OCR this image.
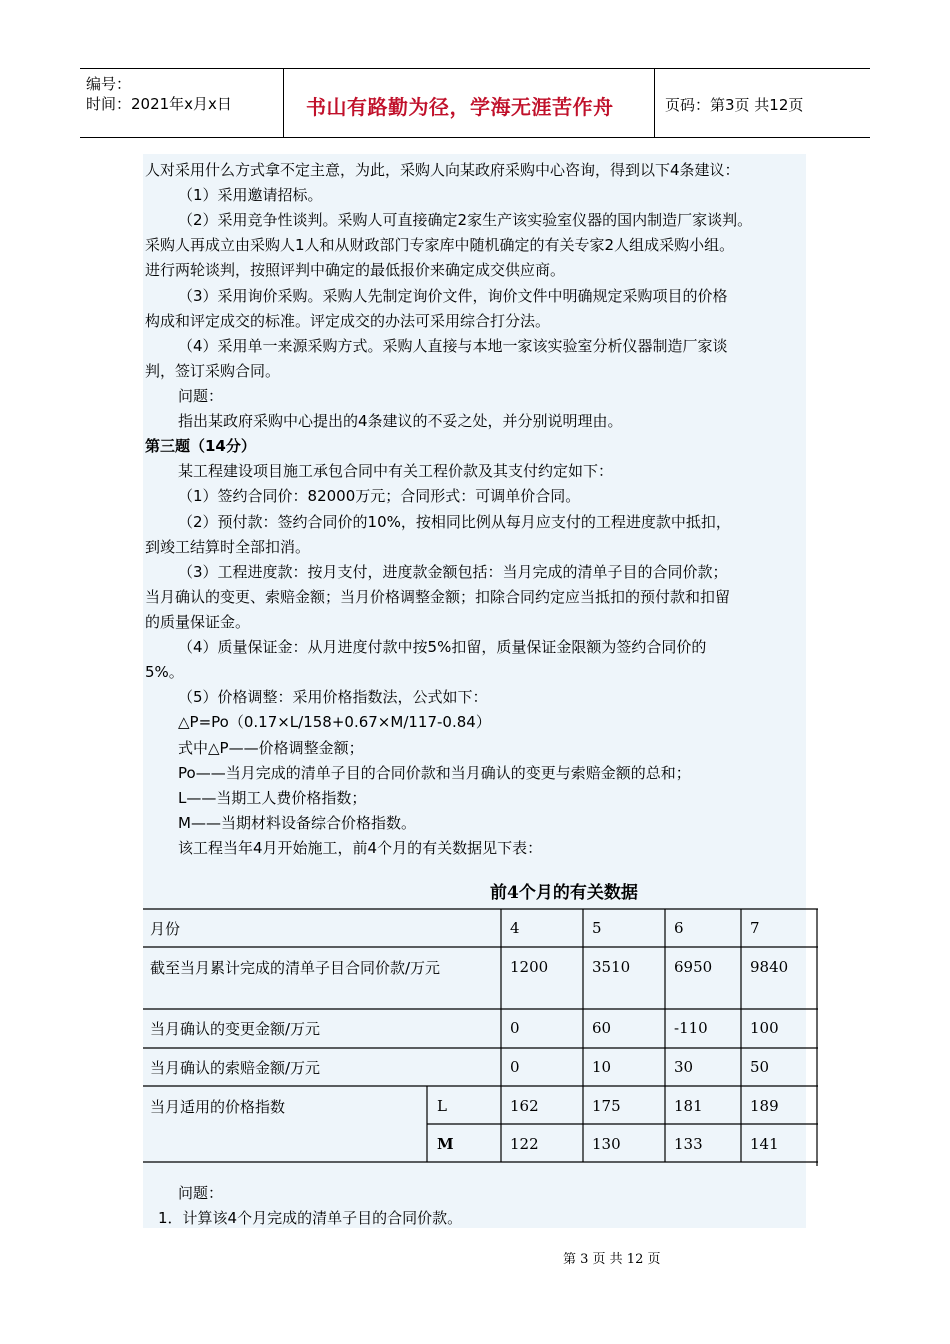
编号：
时间：2021年x月x日	书山有路勤为径，学海无涯苦作舟	页码：第3页 共12页
人对采用什么方式拿不定主意，为此，采购人向某政府采购中心咨询，得到以下4条建议：
（1）采用邀请招标。
（2）采用竞争性谈判。采购人可直接确定2家生产该实验室仪器的国内制造厂家谈判。
采购人再成立由采购人1人和从财政部门专家库中随机确定的有关专家2人组成采购小组。
进行两轮谈判，按照评判中确定的最低报价来确定成交供应商。
（3）采用询价采购。采购人先制定询价文件，询价文件中明确规定采购项目的价格
构成和评定成交的标准。评定成交的办法可采用综合打分法。
（4）采用单一来源采购方式。采购人直接与本地一家该实验室分析仪器制造厂家谈
判，签订采购合同。
问题：
指出某政府采购中心提出的4条建议的不妥之处，并分别说明理由。
第三题（14分）
某工程建设项目施工承包合同中有关工程价款及其支付约定如下：
（1）签约合同价：82000万元；合同形式：可调单价合同。
（2）预付款：签约合同价的10%，按相同比例从每月应支付的工程进度款中抵扣，
到竣工结算时全部扣消。
（3）工程进度款：按月支付，进度款金额包括：当月完成的清单子目的合同价款；
当月确认的变更、索赔金额；当月价格调整金额；扣除合同约定应当抵扣的预付款和扣留
的质量保证金。
（4）质量保证金：从月进度付款中按5%扣留，质量保证金限额为签约合同价的
5%。
（5）价格调整：采用价格指数法，公式如下：
△P=Po（0.17×L/158+0.67×M/117-0.84）
式中△P——价格调整金额；
Po——当月完成的清单子目的合同价款和当月确认的变更与索赔金额的总和；
L——当期工人费价格指数；
M——当期材料设备综合价格指数。
该工程当年4月开始施工，前4个月的有关数据见下表：
前4个月的有关数据
月份	4	5	6	7
截至当月累计完成的清单子目合同价款/万元	1200	3510	6950	9840
当月确认的变更金额/万元	0	60	-110	100
当月确认的索赔金额/万元	0	10	30	50
当月适用的价格指数	L	162	175	181	189
M	122	130	133	141
问题：
1．计算该4个月完成的清单子目的合同价款。
第 3 页 共 12 页
